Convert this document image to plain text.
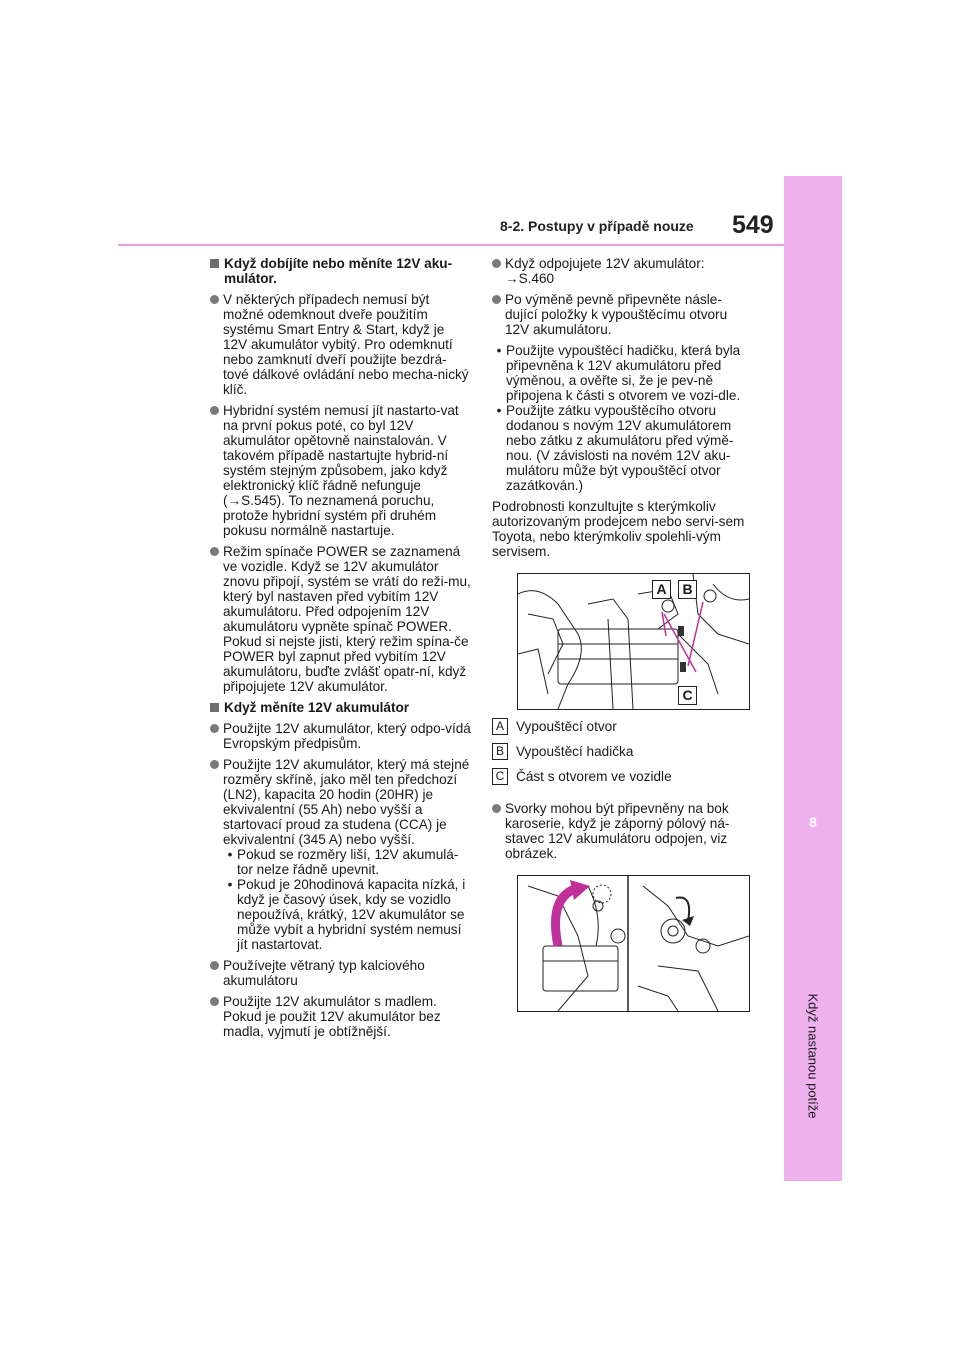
8
Když nastanou potíže
8-2. Postupy v případě nouze 549
Když dobíjíte nebo měníte 12V aku-mulátor.
V některých případech nemusí být možné odemknout dveře použitím systému Smart Entry & Start, když je 12V akumulátor vybitý. Pro odemknutí nebo zamknutí dveří použijte bezdrá-tové dálkové ovládání nebo mecha-nický klíč.
Hybridní systém nemusí jít nastarto-vat na první pokus poté, co byl 12V akumulátor opětovně nainstalován. V takovém případě nastartujte hybrid-ní systém stejným způsobem, jako když elektronický klíč řádně nefunguje (→S.545). To neznamená poruchu, protože hybridní systém při druhém pokusu normálně nastartuje.
Režim spínače POWER se zaznamená ve vozidle. Když se 12V akumulátor znovu připojí, systém se vrátí do reži-mu, který byl nastaven před vybitím 12V akumulátoru. Před odpojením 12V akumulátoru vypněte spínač POWER. Pokud si nejste jisti, který režim spína-če POWER byl zapnut před vybitím 12V akumulátoru, buďte zvlášť opatr-ní, když připojujete 12V akumulátor.
Když měníte 12V akumulátor
Použijte 12V akumulátor, který odpo-vídá Evropským předpisům.
Použijte 12V akumulátor, který má stejné rozměry skříně, jako měl ten předchozí (LN2), kapacita 20 hodin (20HR) je ekvivalentní (55 Ah) nebo vyšší a startovací proud za studena (CCA) je ekvivalentní (345 A) nebo vyšší.
• Pokud se rozměry liší, 12V akumulá-tor nelze řádně upevnit.
• Pokud je 20hodinová kapacita nízká, i když je časový úsek, kdy se vozidlo nepoužívá, krátký, 12V akumulátor se může vybít a hybridní systém nemusí jít nastartovat.
Používejte větraný typ kalciového akumulátoru
Použijte 12V akumulátor s madlem. Pokud je použit 12V akumulátor bez madla, vyjmutí je obtížnější.
Když odpojujete 12V akumulátor: →S.460
Po výměně pevně připevněte násle-dující položky k vypouštěcímu otvoru 12V akumulátoru.
• Použijte vypouštěcí hadičku, která byla připevněna k 12V akumulátoru před výměnou, a ověřte si, že je pev-ně připojena k části s otvorem ve vozi-dle.
• Použijte zátku vypouštěcího otvoru dodanou s novým 12V akumulátorem nebo zátku z akumulátoru před výmě-nou. (V závislosti na novém 12V aku-mulátoru může být vypouštěcí otvor zazátkován.)
Podrobnosti konzultujte s kterýmkoliv autorizovaným prodejcem nebo servi-sem Toyota, nebo kterýmkoliv spolehli-vým servisem.
A	B
C
A Vypouštěcí otvor
B Vypouštěcí hadička
C Část s otvorem ve vozidle
Svorky mohou být připevněny na bok karoserie, když je záporný pólový ná-stavec 12V akumulátoru odpojen, viz obrázek.
